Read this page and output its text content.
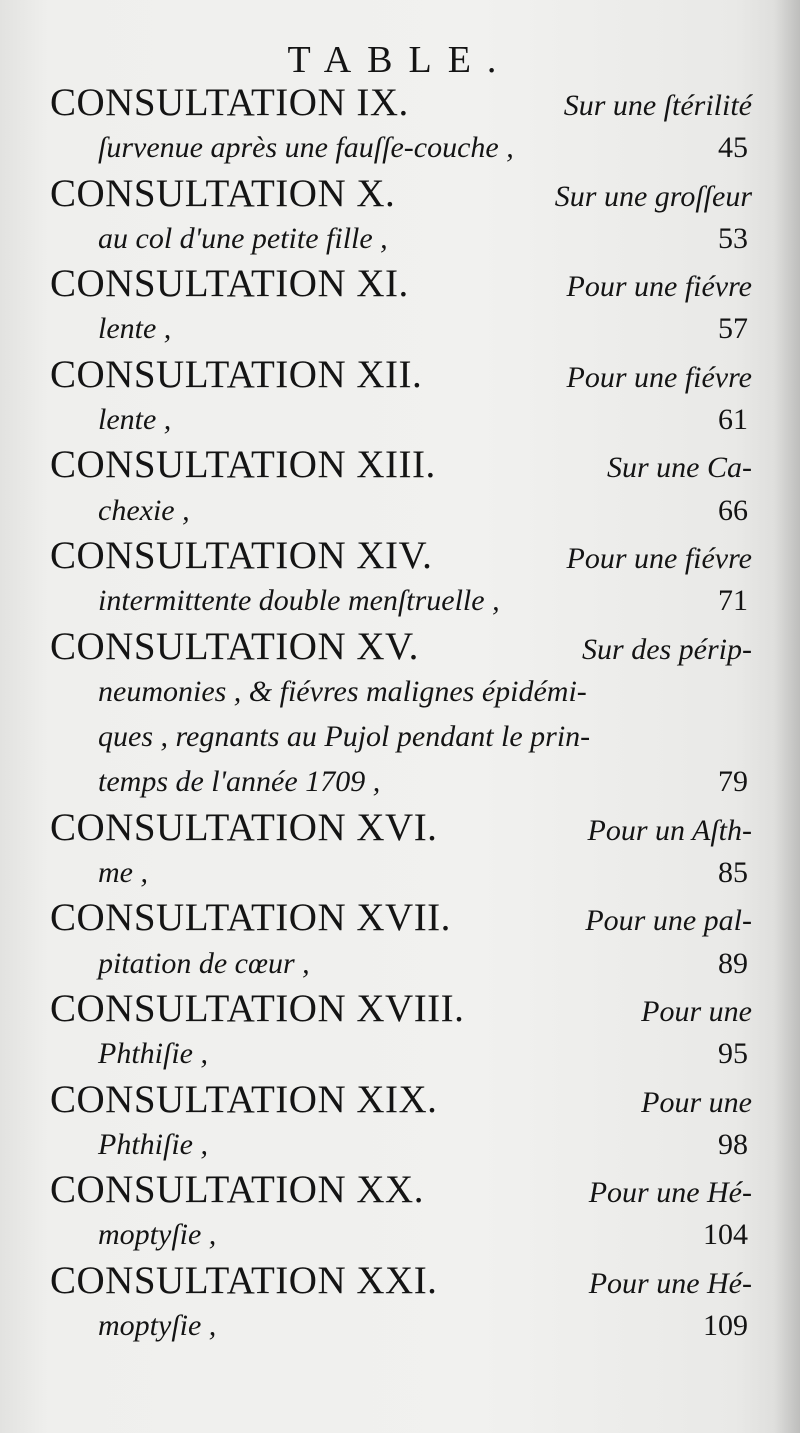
TABLE.
CONSULTATION IX.	Sur une ſtérilité
ſurvenue après une fauſſe-couche ,	45
CONSULTATION X.	Sur une groſſeur
au col d'une petite fille ,	53
CONSULTATION XI.	Pour une fiévre
lente ,	57
CONSULTATION XII.	Pour une fiévre
lente ,	61
CONSULTATION XIII.	Sur une Ca-
chexie ,	66
CONSULTATION XIV.	Pour une fiévre
intermittente double menſtruelle ,	71
CONSULTATION XV.	Sur des périp-
neumonies , & fiévres malignes épidémi-
ques , regnants au Pujol pendant le prin-
temps de l'année 1709 ,	79
CONSULTATION XVI.	Pour un Aſth-
me ,	85
CONSULTATION XVII.	Pour une pal-
pitation de cœur ,	89
CONSULTATION XVIII.	Pour une
Phthiſie ,	95
CONSULTATION XIX.	Pour une
Phthiſie ,	98
CONSULTATION XX.	Pour une Hé-
moptyſie ,	104
CONSULTATION XXI.	Pour une Hé-
moptyſie ,	109
